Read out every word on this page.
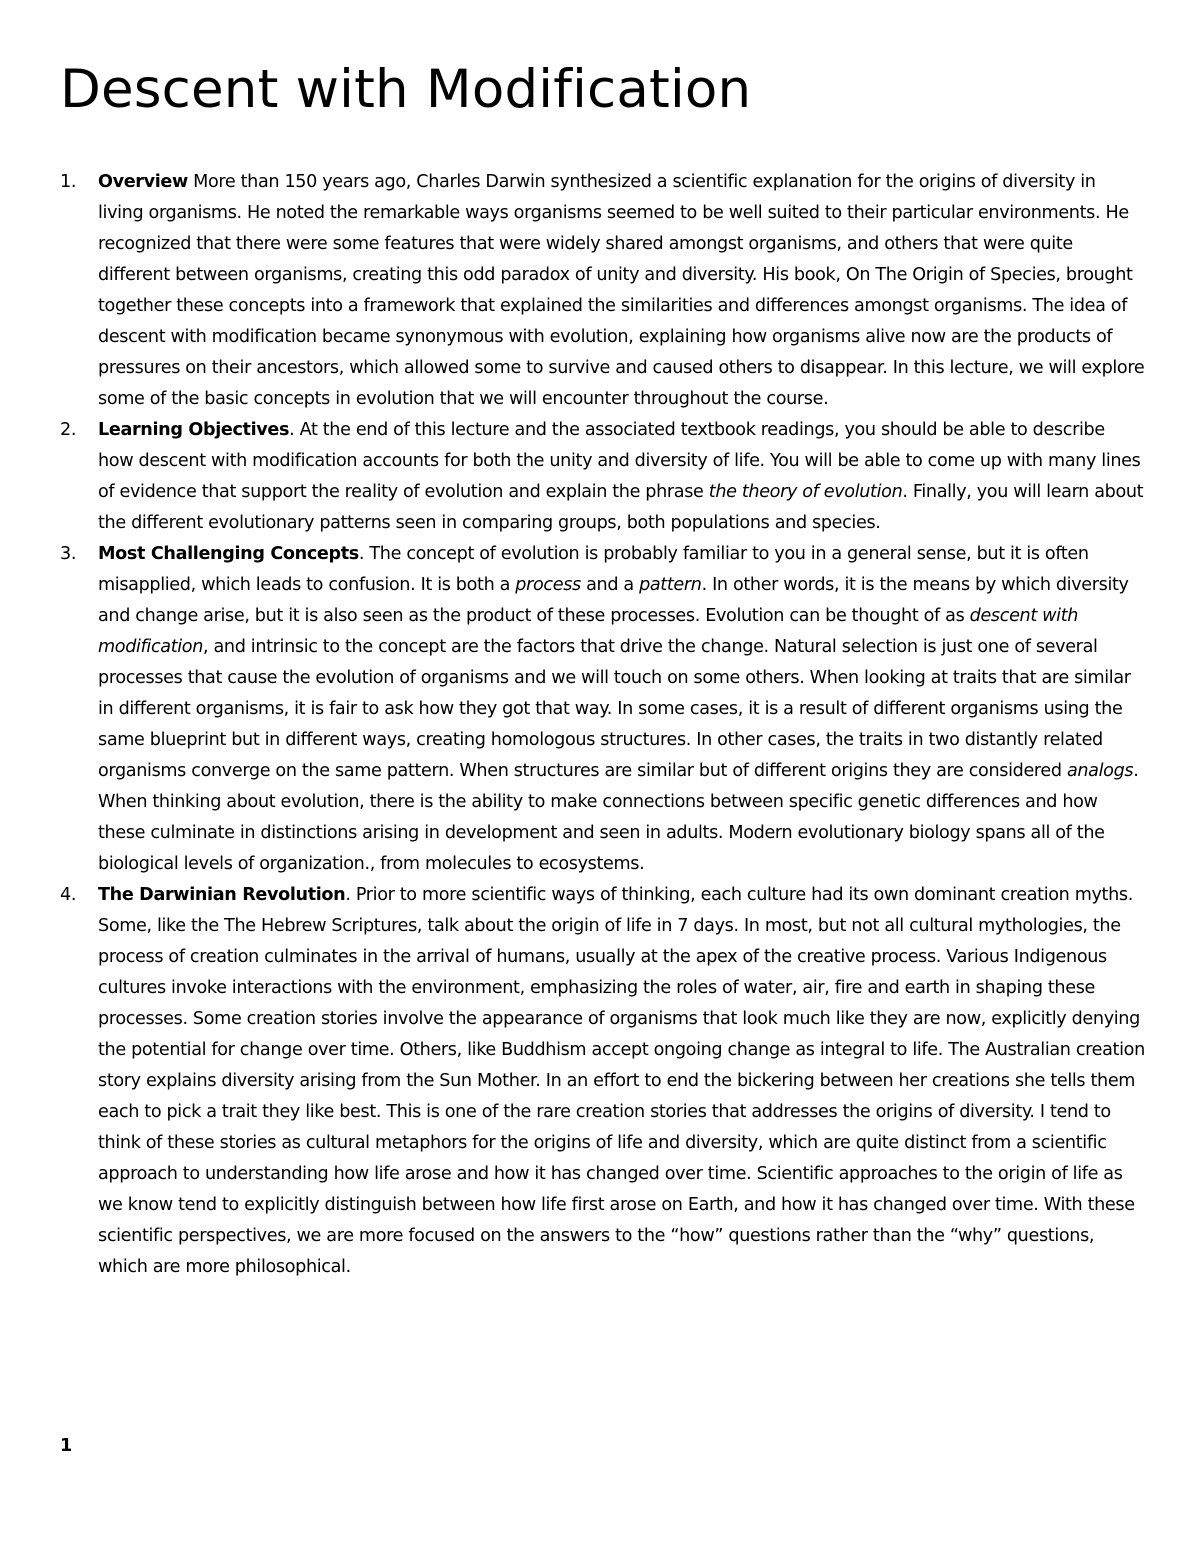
Descent with Modification
1.	Overview More than 150 years ago, Charles Darwin synthesized a scientific explanation for the origins of diversity in living organisms. He noted the remarkable ways organisms seemed to be well suited to their particular environments. He recognized that there were some features that were widely shared amongst organisms, and others that were quite different between organisms, creating this odd paradox of unity and diversity. His book, On The Origin of Species, brought together these concepts into a framework that explained the similarities and differences amongst organisms. The idea of descent with modification became synonymous with evolution, explaining how organisms alive now are the products of pressures on their ancestors, which allowed some to survive and caused others to disappear. In this lecture, we will explore some of the basic concepts in evolution that we will encounter throughout the course.
2.	Learning Objectives. At the end of this lecture and the associated textbook readings, you should be able to describe how descent with modification accounts for both the unity and diversity of life. You will be able to come up with many lines of evidence that support the reality of evolution and explain the phrase the theory of evolution. Finally, you will learn about the different evolutionary patterns seen in comparing groups, both populations and species.
3.	Most Challenging Concepts. The concept of evolution is probably familiar to you in a general sense, but it is often misapplied, which leads to confusion. It is both a process and a pattern. In other words, it is the means by which diversity and change arise, but it is also seen as the product of these processes. Evolution can be thought of as descent with modification, and intrinsic to the concept are the factors that drive the change. Natural selection is just one of several processes that cause the evolution of organisms and we will touch on some others. When looking at traits that are similar in different organisms, it is fair to ask how they got that way. In some cases, it is a result of different organisms using the same blueprint but in different ways, creating homologous structures. In other cases, the traits in two distantly related organisms converge on the same pattern. When structures are similar but of different origins they are considered analogs. When thinking about evolution, there is the ability to make connections between specific genetic differences and how these culminate in distinctions arising in development and seen in adults. Modern evolutionary biology spans all of the biological levels of organization., from molecules to ecosystems.
4.	The Darwinian Revolution. Prior to more scientific ways of thinking, each culture had its own dominant creation myths. Some, like the The Hebrew Scriptures, talk about the origin of life in 7 days. In most, but not all cultural mythologies, the process of creation culminates in the arrival of humans, usually at the apex of the creative process. Various Indigenous cultures invoke interactions with the environment, emphasizing the roles of water, air, fire and earth in shaping these processes. Some creation stories involve the appearance of organisms that look much like they are now, explicitly denying the potential for change over time. Others, like Buddhism accept ongoing change as integral to life. The Australian creation story explains diversity arising from the Sun Mother. In an effort to end the bickering between her creations she tells them each to pick a trait they like best. This is one of the rare creation stories that addresses the origins of diversity. I tend to think of these stories as cultural metaphors for the origins of life and diversity, which are quite distinct from a scientific approach to understanding how life arose and how it has changed over time. Scientific approaches to the origin of life as we know tend to explicitly distinguish between how life first arose on Earth, and how it has changed over time. With these scientific perspectives, we are more focused on the answers to the “how” questions rather than the “why” questions, which are more philosophical.
1
